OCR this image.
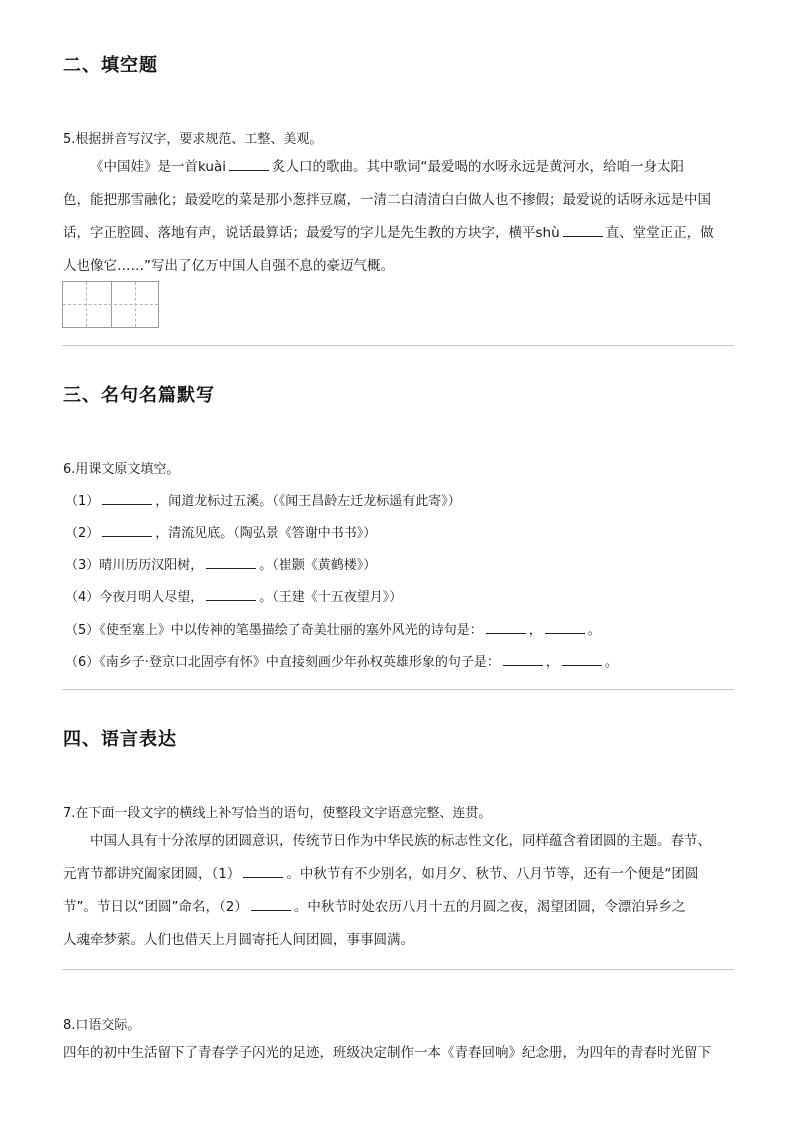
二、填空题
5.根据拼音写汉字，要求规范、工整、美观。
《中国娃》是一首kuài	炙人口的歌曲。其中歌词“最爱喝的水呀永远是黄河水，给咱一身太阳
色，能把那雪融化；最爱吃的菜是那小葱拌豆腐，一清二白清清白白做人也不掺假；最爱说的话呀永远是中国
话，字正腔圆、落地有声，说话最算话；最爱写的字儿是先生教的方块字，横平shù	直、堂堂正正，做
人也像它……”写出了亿万中国人自强不息的豪迈气概。
三、名句名篇默写
6.用课文原文填空。
（1）	，闻道龙标过五溪。（《闻王昌龄左迁龙标遥有此寄》）
（2）	，清流见底。（陶弘景《答谢中书书》）
（3）晴川历历汉阳树，	。（崔颢《黄鹤楼》）
（4）今夜月明人尽望，	。（王建《十五夜望月》）
（5）《使至塞上》中以传神的笔墨描绘了奇美壮丽的塞外风光的诗句是：	，	。
（6）《南乡子·登京口北固亭有怀》中直接刻画少年孙权英雄形象的句子是：	，	。
四、语言表达
7.在下面一段文字的横线上补写恰当的语句，使整段文字语意完整、连贯。
中国人具有十分浓厚的团圆意识，传统节日作为中华民族的标志性文化，同样蕴含着团圆的主题。春节、
元宵节都讲究阖家团圆，（1）	。中秋节有不少别名，如月夕、秋节、八月节等，还有一个便是“团圆
节”。节日以“团圆”命名，（2）	。中秋节时处农历八月十五的月圆之夜，渴望团圆，令漂泊异乡之
人魂牵梦萦。人们也借天上月圆寄托人间团圆，事事圆满。
8.口语交际。
四年的初中生活留下了青春学子闪光的足迹，班级决定制作一本《青春回响》纪念册，为四年的青春时光留下
